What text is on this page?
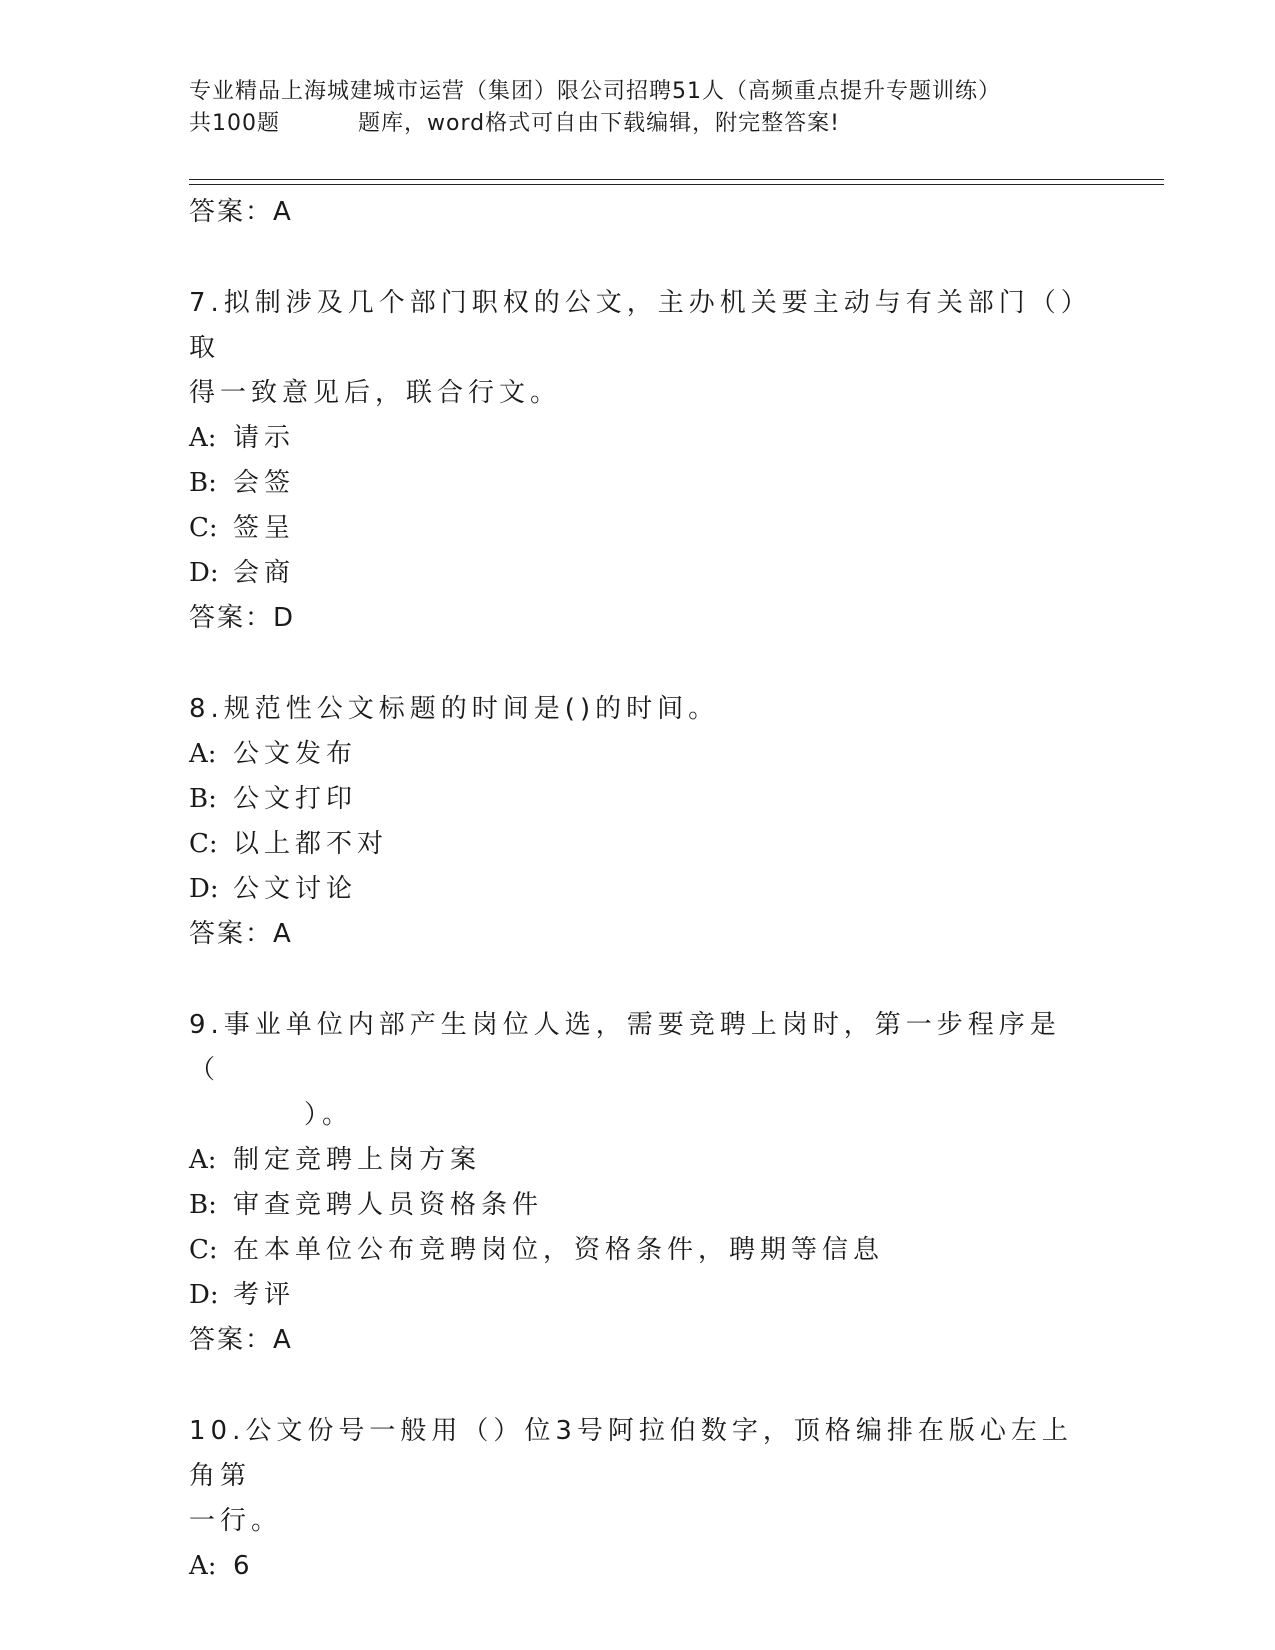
专业精品上海城建城市运营（集团）限公司招聘51人（高频重点提升专题训练）
共100题	题库，word格式可自由下载编辑，附完整答案!
答案：A
7.拟制涉及几个部门职权的公文，主办机关要主动与有关部门（）取
得一致意见后，联合行文。
A: 请示
B: 会签
C: 签呈
D: 会商
答案：D
8.规范性公文标题的时间是()的时间。
A: 公文发布
B: 公文打印
C: 以上都不对
D: 公文讨论
答案：A
9.事业单位内部产生岗位人选，需要竞聘上岗时，第一步程序是（
）。
A: 制定竞聘上岗方案
B: 审查竞聘人员资格条件
C: 在本单位公布竞聘岗位，资格条件，聘期等信息
D: 考评
答案：A
10.公文份号一般用（）位3号阿拉伯数字，顶格编排在版心左上角第
一行。
A: 6
